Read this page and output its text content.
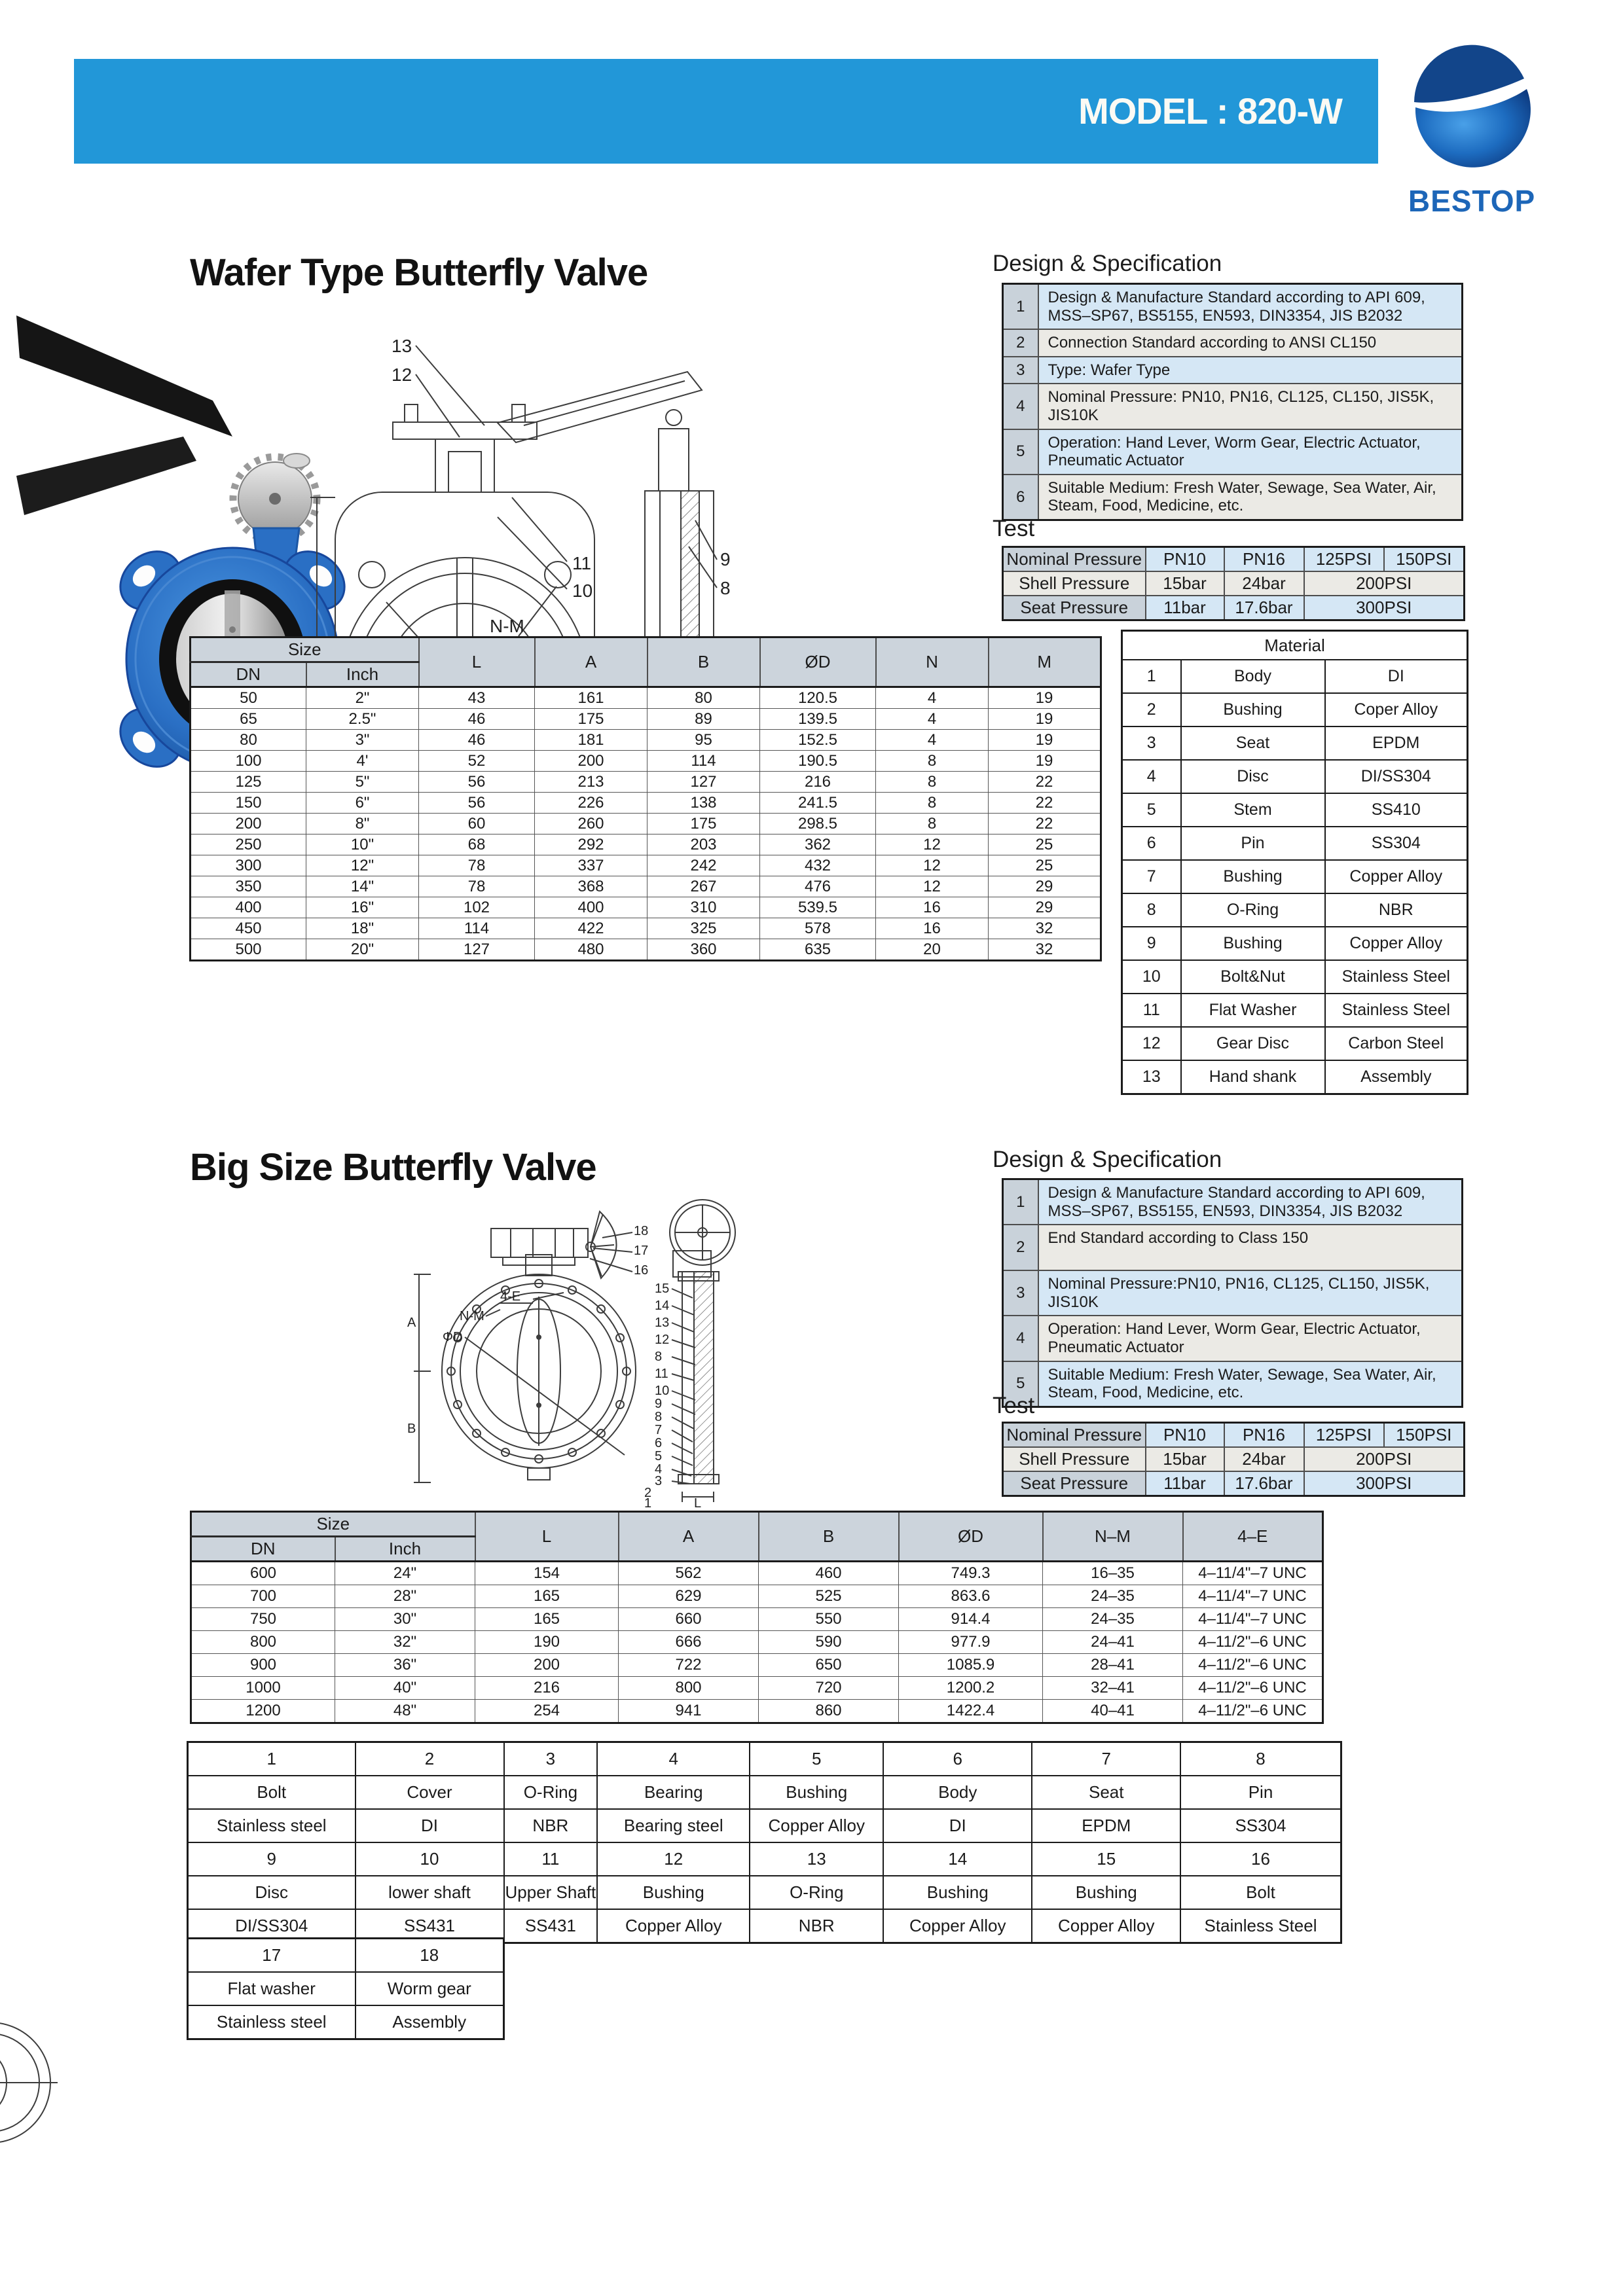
MODEL : 820-W
BESTOP
Wafer Type Butterfly Valve
13
12
11
10
N-M
9
8
Design & Specification
1	Design & Manufacture Standard according to API 609, MSS–SP67, BS5155, EN593, DIN3354, JIS B2032
2	Connection Standard according to ANSI CL150
3	Type: Wafer Type
4	Nominal Pressure: PN10, PN16, CL125, CL150, JIS5K, JIS10K
5	Operation: Hand Lever, Worm Gear, Electric Actuator, Pneumatic Actuator
6	Suitable Medium: Fresh Water, Sewage, Sea Water, Air, Steam, Food, Medicine, etc.
Test
Nominal Pressure	PN10	PN16	125PSI	150PSI
Shell Pressure	15bar	24bar	200PSI	
Seat Pressure	11bar	17.6bar	300PSI	
Size		L	A	B	ØD	N	M
DN	Inch						
50	2"	43	161	80	120.5	4	19
65	2.5"	46	175	89	139.5	4	19
80	3"	46	181	95	152.5	4	19
100	4'	52	200	114	190.5	8	19
125	5"	56	213	127	216	8	22
150	6"	56	226	138	241.5	8	22
200	8"	60	260	175	298.5	8	22
250	10"	68	292	203	362	12	25
300	12"	78	337	242	432	12	25
350	14"	78	368	267	476	12	29
400	16"	102	400	310	539.5	16	29
450	18"	114	422	325	578	16	32
500	20"	127	480	360	635	20	32
Material		
1	Body	DI
2	Bushing	Coper Alloy
3	Seat	EPDM
4	Disc	DI/SS304
5	Stem	SS410
6	Pin	SS304
7	Bushing	Copper Alloy
8	O-Ring	NBR
9	Bushing	Copper Alloy
10	Bolt&Nut	Stainless Steel
11	Flat Washer	Stainless Steel
12	Gear Disc	Carbon Steel
13	Hand shank	Assembly
Big Size Butterfly Valve
18
17
16
4-E
N-M
ΦD
A
B
15
14
13
12
8
11
10
9
8
7
6
5
4
3
2
1	L
Design & Specification
1	Design & Manufacture Standard according to API 609, MSS–SP67, BS5155, EN593, DIN3354, JIS B2032
2	End Standard according to Class 150
3	Nominal Pressure:PN10, PN16, CL125, CL150, JIS5K, JIS10K
4	Operation: Hand Lever, Worm Gear, Electric Actuator, Pneumatic Actuator
5	Suitable Medium: Fresh Water, Sewage, Sea Water, Air, Steam, Food, Medicine, etc.
Test
Nominal Pressure	PN10	PN16	125PSI	150PSI
Shell Pressure	15bar	24bar	200PSI	
Seat Pressure	11bar	17.6bar	300PSI	
Size		L	A	B	ØD	N–M	4–E
DN	Inch						
600	24"	154	562	460	749.3	16–35	4–11/4"–7 UNC
700	28"	165	629	525	863.6	24–35	4–11/4"–7 UNC
750	30"	165	660	550	914.4	24–35	4–11/4"–7 UNC
800	32"	190	666	590	977.9	24–41	4–11/2"–6 UNC
900	36"	200	722	650	1085.9	28–41	4–11/2"–6 UNC
1000	40"	216	800	720	1200.2	32–41	4–11/2"–6 UNC
1200	48"	254	941	860	1422.4	40–41	4–11/2"–6 UNC
1	2	3	4	5	6	7	8
Bolt	Cover	O-Ring	Bearing	Bushing	Body	Seat	Pin
Stainless steel	DI	NBR	Bearing steel	Copper Alloy	DI	EPDM	SS304
9	10	11	12	13	14	15	16
Disc	lower shaft	Upper Shaft	Bushing	O-Ring	Bushing	Bushing	Bolt
DI/SS304	SS431	SS431	Copper Alloy	NBR	Copper Alloy	Copper Alloy	Stainless Steel
17	18
Flat washer	Worm gear
Stainless steel	Assembly
